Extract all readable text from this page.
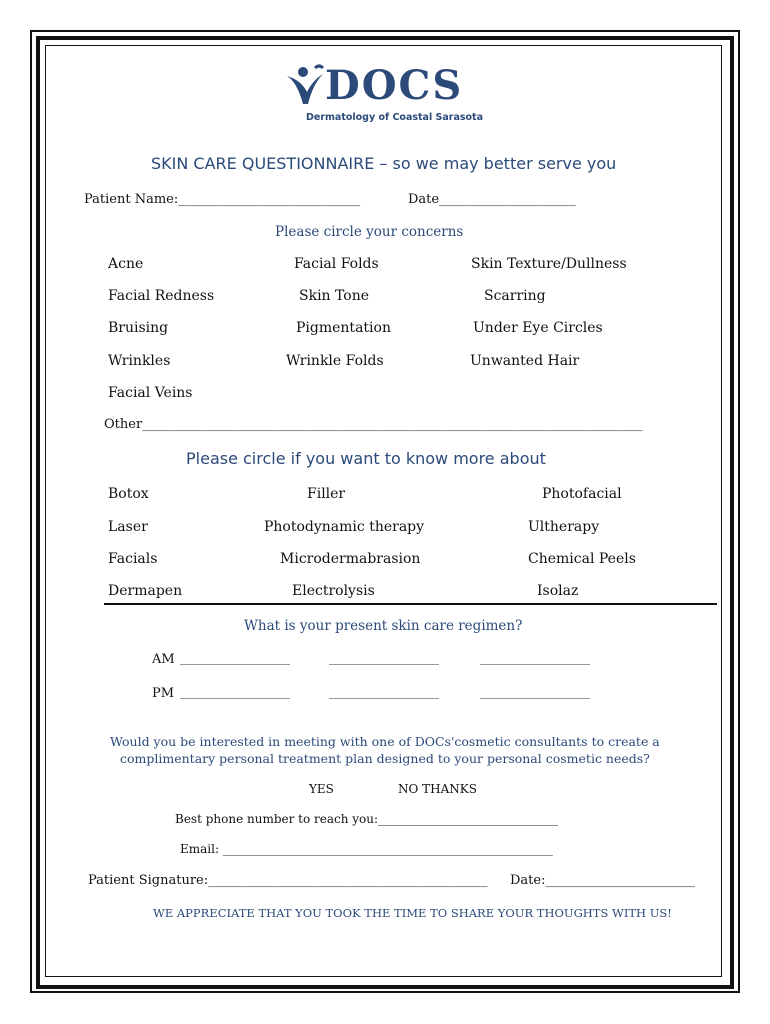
DOCS
Dermatology of Coastal Sarasota
SKIN CARE QUESTIONNAIRE – so we may better serve you
Patient Name:____________________________	Date_____________________
Please circle your concerns
Acne	Facial Folds	Skin Texture/Dullness
Facial Redness	Skin Tone	Scarring
Bruising	Pigmentation	Under Eye Circles
Wrinkles	Wrinkle Folds	Unwanted Hair
Facial Veins
Other_____________________________________________________________________________
Please circle if you want to know more about
Botox	Filler	Photofacial
Laser	Photodynamic therapy	Ultherapy
Facials	Microdermabrasion	Chemical Peels
Dermapen	Electrolysis	Isolaz
What is your present skin care regimen?
AM ____________________	____________________	____________________
PM ____________________	____________________	____________________
Would you be interested in meeting with one of DOCs'cosmetic consultants to create a
complimentary personal treatment plan designed to your personal cosmetic needs?
YES	NO THANKS
Best phone number to reach you:______________________________
Email: _______________________________________________________
Patient Signature:___________________________________________ Date:_______________________
WE APPRECIATE THAT YOU TOOK THE TIME TO SHARE YOUR THOUGHTS WITH US!
